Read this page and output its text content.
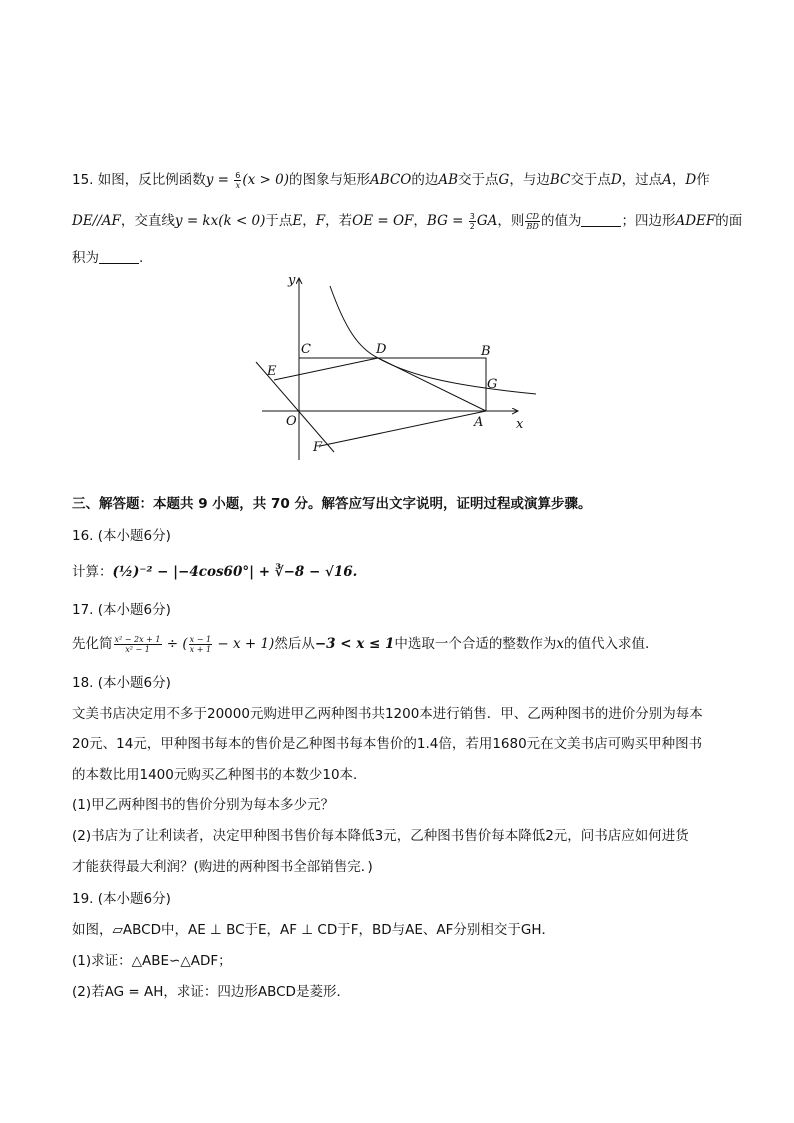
15. 如图，反比例函数$y = \frac{6}{x} (x > 0)$的图象与矩形ABCO的边AB交于点G，与边BC交于点D，过点A，D作
DE//AF，交直线y = kx(k < 0)于点E，F，若OE = OF，BG = $\frac{3}{2}$ GA，则 $\frac{CD}{BD}$ 的值为	；四边形ADEF的面
积为	.
y
x
O
C	D	B
E
G
A
F
三、解答题：本题共 9 小题，共 70 分。解答应写出文字说明，证明过程或演算步骤。
16. (本小题6分)
计算：(½)⁻² − |−4cos60°| + ∛−8 − √16.
17. (本小题6分)
先化简 $\frac{\text{x² − 2x + 1}}{\text{x² − 1}}$ ÷ ( $\frac{x - 1}{x + 1} - x + 1$)然后从−3 < x ≤ 1中选取一个合适的整数作为x的值代入求值.
18. (本小题6分)
文美书店决定用不多于20000元购进甲乙两种图书共1200本进行销售．甲、乙两种图书的进价分别为每本
20元、14元，甲种图书每本的售价是乙种图书每本售价的1.4倍，若用1680元在文美书店可购买甲种图书
的本数比用1400元购买乙种图书的本数少10本．
(1)甲乙两种图书的售价分别为每本多少元？
(2)书店为了让利读者，决定甲种图书售价每本降低3元，乙种图书售价每本降低2元，问书店应如何进货
才能获得最大利润？(购进的两种图书全部销售完．)
19. (本小题6分)
如图，▱ABCD中，AE ⊥ BC于E，AF ⊥ CD于F，BD与AE、AF分别相交于GH．
(1)求证：△ABE∽△ADF；
(2)若AG = AH，求证：四边形ABCD是菱形．
